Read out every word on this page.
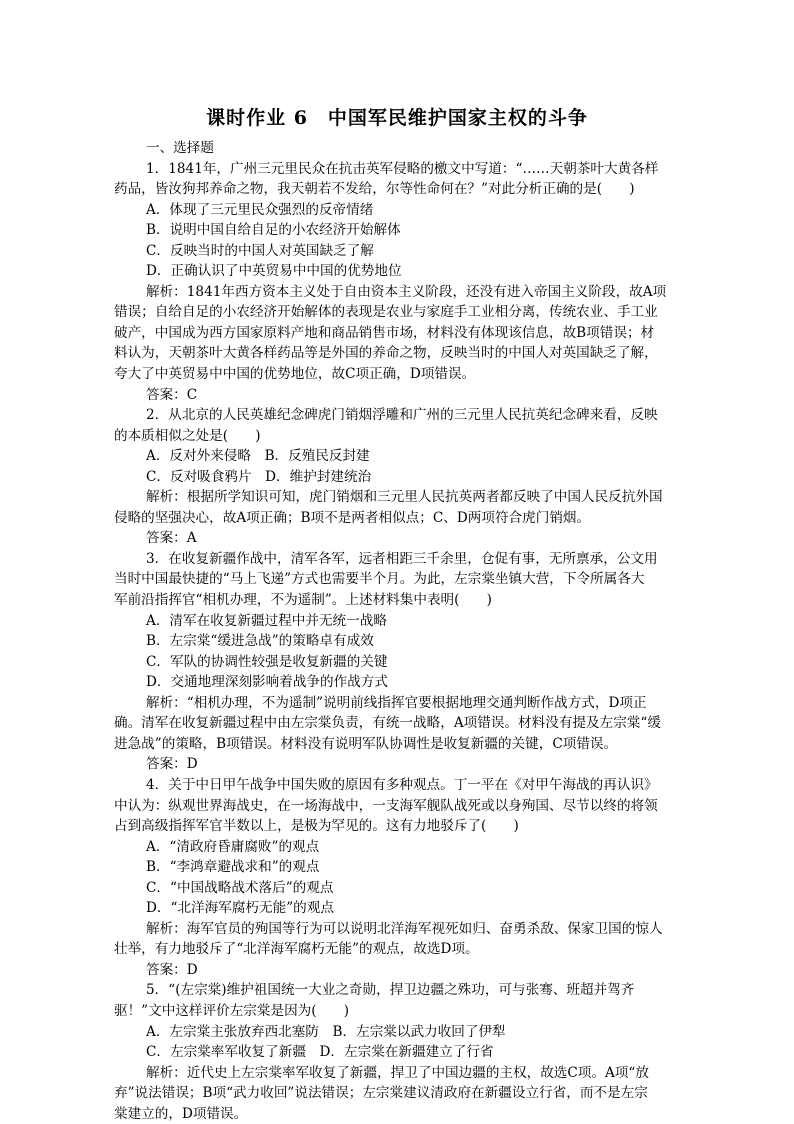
课时作业 6　中国军民维护国家主权的斗争
一、选择题
1．1841年，广州三元里民众在抗击英军侵略的檄文中写道：“……天朝茶叶大黄各样
药品，皆汝狗邦养命之物，我天朝若不发给，尔等性命何在？”对此分析正确的是(　　)
A．体现了三元里民众强烈的反帝情绪
B．说明中国自给自足的小农经济开始解体
C．反映当时的中国人对英国缺乏了解
D．正确认识了中英贸易中中国的优势地位
解析：1841年西方资本主义处于自由资本主义阶段，还没有进入帝国主义阶段，故A项
错误；自给自足的小农经济开始解体的表现是农业与家庭手工业相分离，传统农业、手工业
破产，中国成为西方国家原料产地和商品销售市场，材料没有体现该信息，故B项错误；材
料认为，天朝茶叶大黄各样药品等是外国的养命之物，反映当时的中国人对英国缺乏了解，
夸大了中英贸易中中国的优势地位，故C项正确，D项错误。
答案：C
2．从北京的人民英雄纪念碑虎门销烟浮雕和广州的三元里人民抗英纪念碑来看，反映
的本质相似之处是(　　)
A．反对外来侵略　B．反殖民反封建
C．反对吸食鸦片　D．维护封建统治
解析：根据所学知识可知，虎门销烟和三元里人民抗英两者都反映了中国人民反抗外国
侵略的坚强决心，故A项正确；B项不是两者相似点；C、D两项符合虎门销烟。
答案：A
3．在收复新疆作战中，清军各军，远者相距三千余里，仓促有事，无所禀承，公文用
当时中国最快捷的“马上飞递”方式也需要半个月。为此，左宗棠坐镇大营，下令所属各大
军前沿指挥官“相机办理，不为遥制”。上述材料集中表明(　　)
A．清军在收复新疆过程中并无统一战略
B．左宗棠“缓进急战”的策略卓有成效
C．军队的协调性较强是收复新疆的关键
D．交通地理深刻影响着战争的作战方式
解析：“相机办理，不为遥制”说明前线指挥官要根据地理交通判断作战方式，D项正
确。清军在收复新疆过程中由左宗棠负责，有统一战略，A项错误。材料没有提及左宗棠“缓
进急战”的策略，B项错误。材料没有说明军队协调性是收复新疆的关键，C项错误。
答案：D
4．关于中日甲午战争中国失败的原因有多种观点。丁一平在《对甲午海战的再认识》
中认为：纵观世界海战史，在一场海战中，一支海军舰队战死或以身殉国、尽节以终的将领
占到高级指挥军官半数以上，是极为罕见的。这有力地驳斥了(　　)
A．“清政府昏庸腐败”的观点
B．“李鸿章避战求和”的观点
C．“中国战略战术落后”的观点
D．“北洋海军腐朽无能”的观点
解析：海军官员的殉国等行为可以说明北洋海军视死如归、奋勇杀敌、保家卫国的惊人
壮举，有力地驳斥了“北洋海军腐朽无能”的观点，故选D项。
答案：D
5．“(左宗棠)维护祖国统一大业之奇勋，捍卫边疆之殊功，可与张骞、班超并驾齐
驱！”文中这样评价左宗棠是因为(　　)
A．左宗棠主张放弃西北塞防　B．左宗棠以武力收回了伊犁
C．左宗棠率军收复了新疆　D．左宗棠在新疆建立了行省
解析：近代史上左宗棠率军收复了新疆，捍卫了中国边疆的主权，故选C项。A项“放
弃”说法错误；B项“武力收回”说法错误；左宗棠建议清政府在新疆设立行省，而不是左宗
棠建立的，D项错误。
